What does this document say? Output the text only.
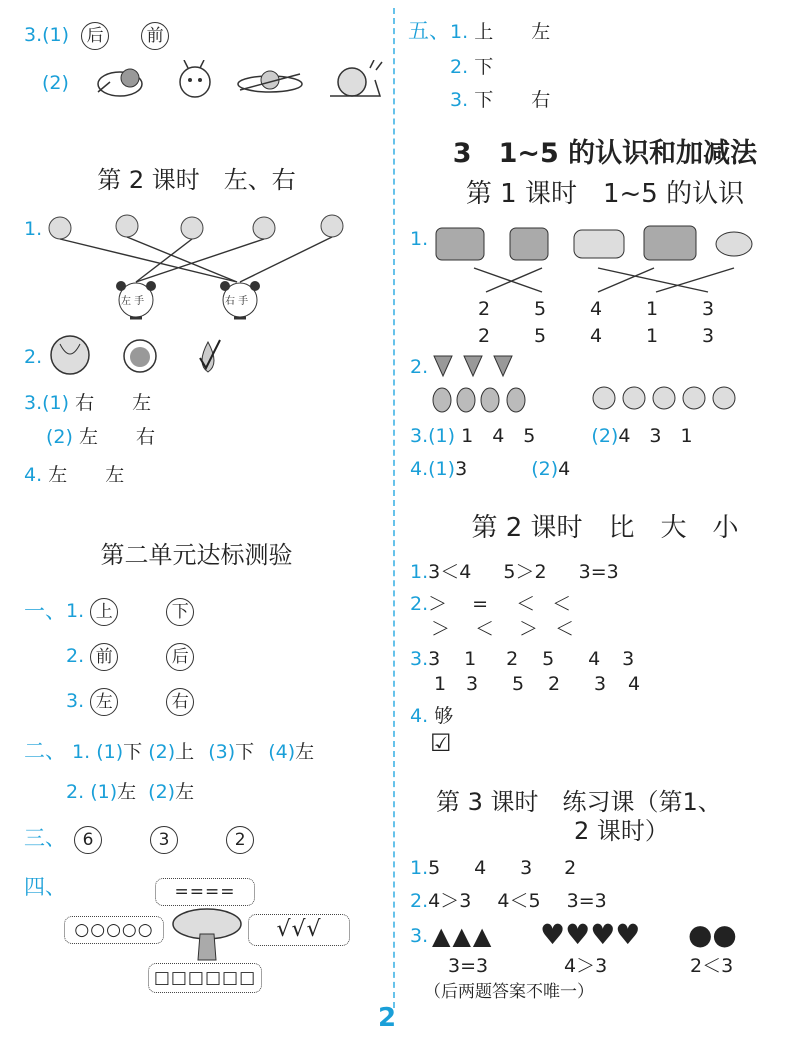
3.(1) 后	前
(2)
第 2 课时　左、右
1.
左 手	右 手
2.
3.(1) 右　　左
(2) 左　　右
4. 左　　左
第二单元达标测验
一、 1. 上	下
2. 前	后
3. 左	右
二、 1. (1)下 (2)上 (3)下 (4)左
2. (1)左 (2)左
三、 6	3	2
四、	====
○○○○○	√√√
□□□□□□
五、1. 上　　左
2. 下
3. 下　　右
3　1~5 的认识和加减法
第 1 课时　1~5 的认识
1.
2 5 4 1 3
2 5 4 1 3
2.
3.(1) 1　4　5	(2)4　3　1
4.(1)3	(2)4
第 2 课时　比　大　小
1.3＜4 5＞2 3=3
2.＞ = ＜ ＜
＞ ＜ ＞ ＜
3.3 1 2 5 4 3
1 3 5 2 3 4
4. 够
☑
第 3 课时　练习课（第1、
2 课时）
1.5 4 3 2
2.4＞3 4＜5 3=3
3. ▲▲▲ ♥♥♥♥ ●●
3=3	4＞3	2＜3
（后两题答案不唯一）
2
